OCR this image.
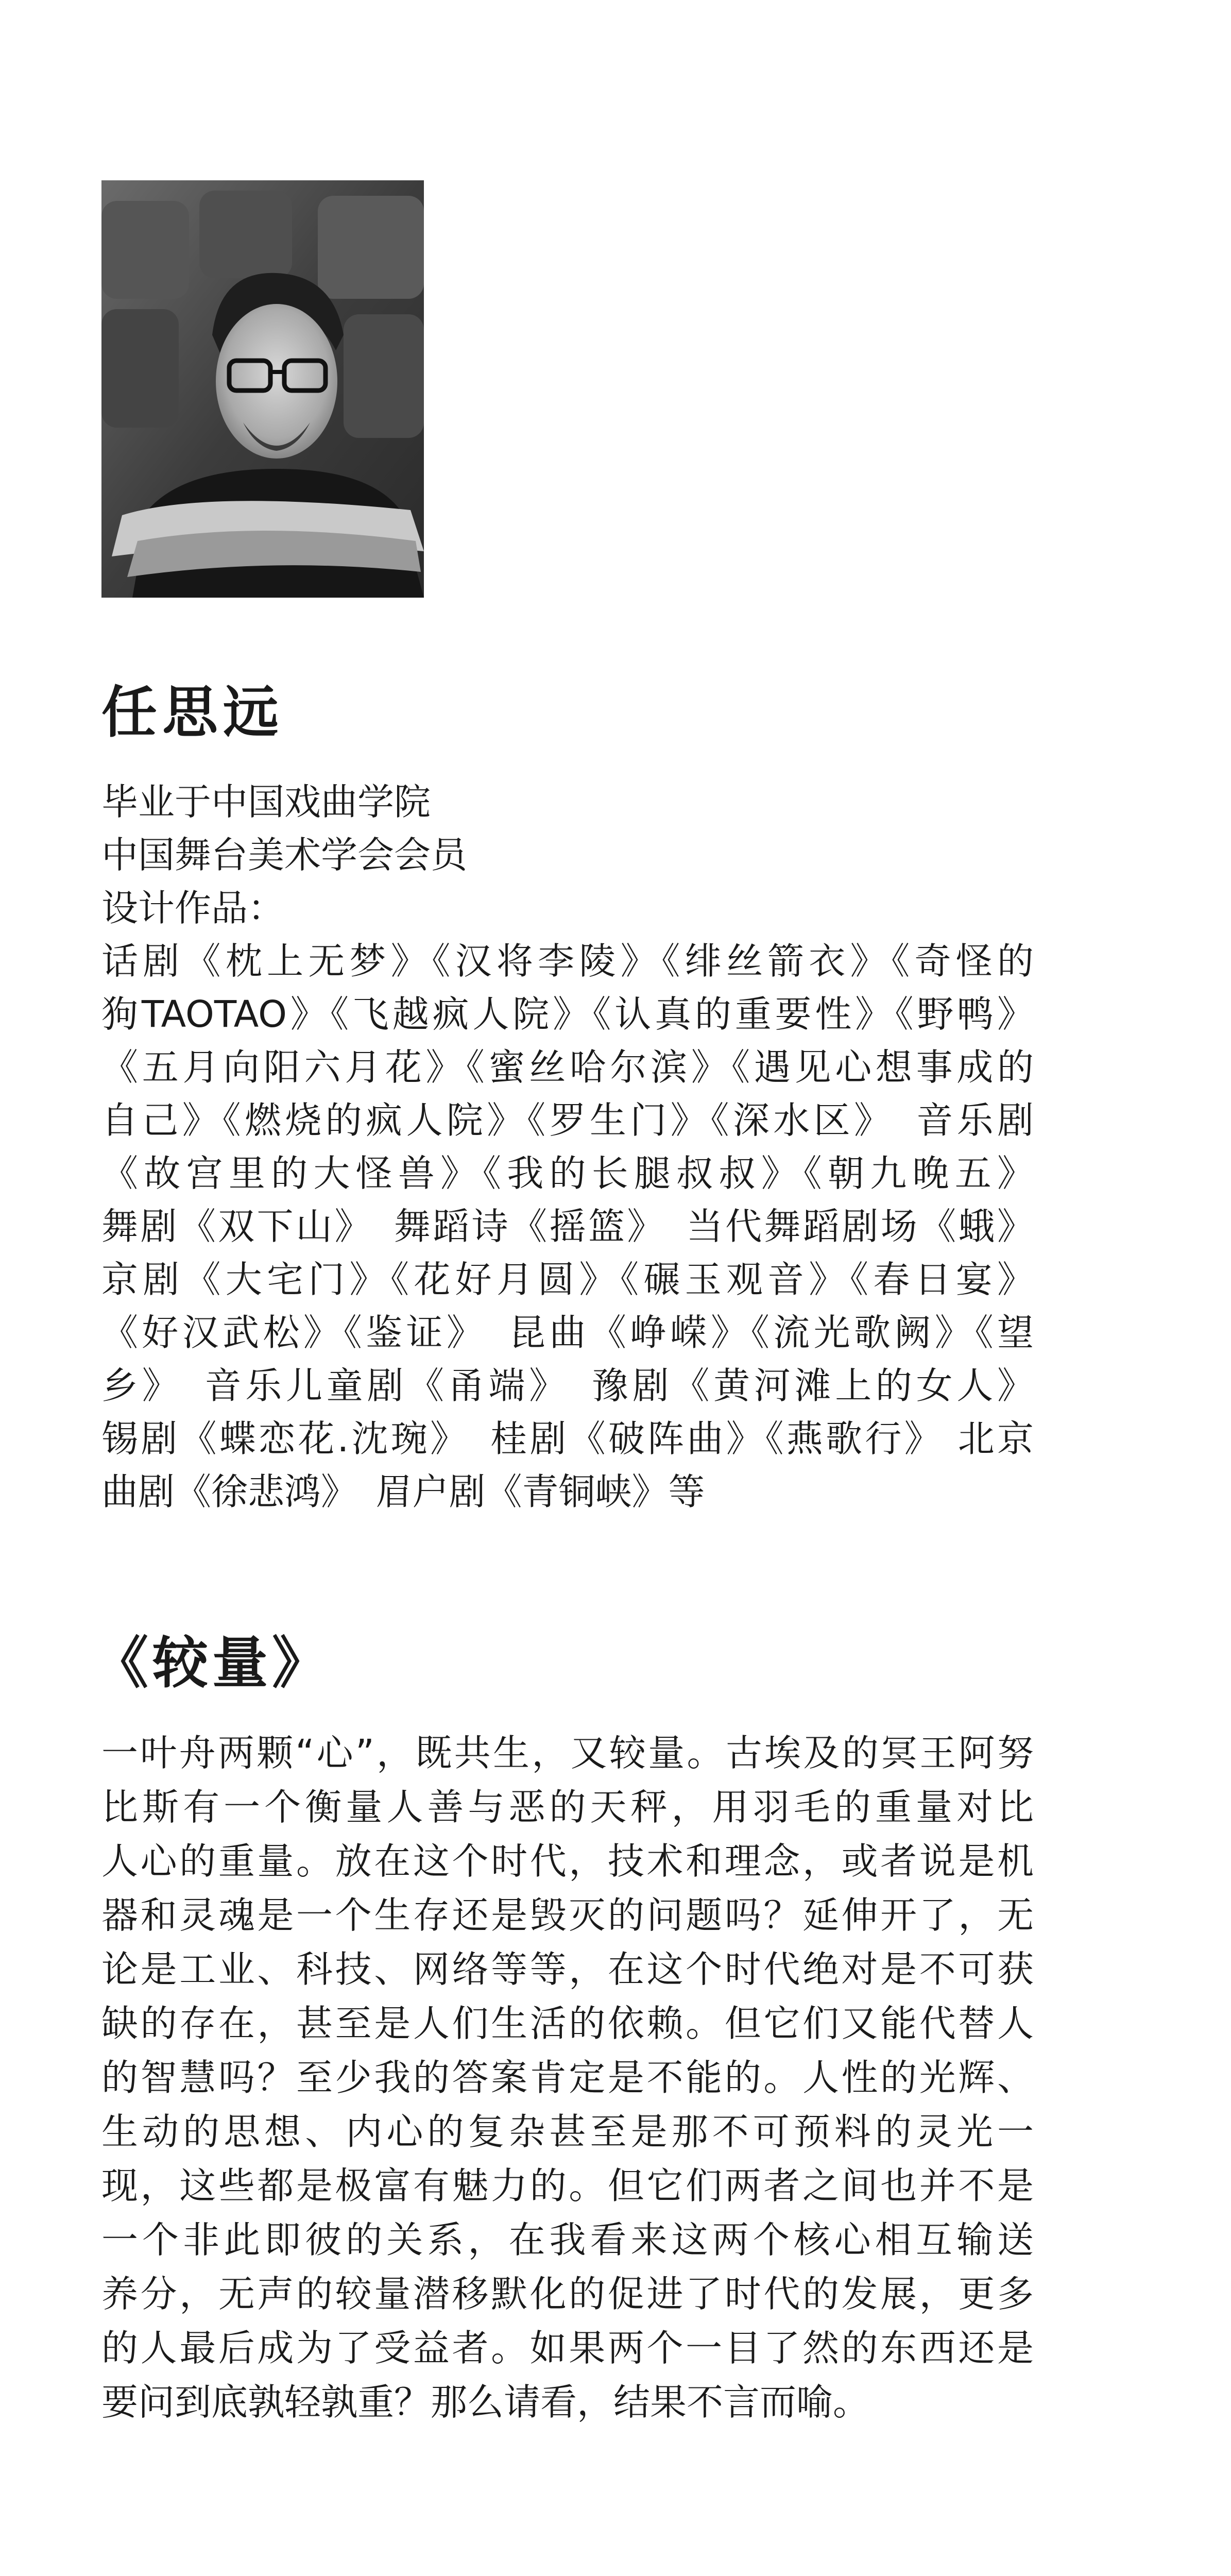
任思远
毕业于中国戏曲学院
中国舞台美术学会会员
设计作品：
话剧《枕上无梦》《汉将李陵》《绯丝箭衣》《奇怪的
狗TAOTAO》《飞越疯人院》《认真的重要性》《野鸭》
《五月向阳六月花》《蜜丝哈尔滨》《遇见心想事成的
自己》《燃烧的疯人院》《罗生门》《深水区》　音乐剧
《故宫里的大怪兽》《我的长腿叔叔》《朝九晚五》
舞剧《双下山》　舞蹈诗《摇篮》　当代舞蹈剧场《蛾》
京剧《大宅门》《花好月圆》《碾玉观音》《春日宴》
《好汉武松》《鉴证》　昆曲《峥嵘》《流光歌阙》《望
乡》　音乐儿童剧《甬端》　豫剧《黄河滩上的女人》
锡剧《蝶恋花.沈琬》　桂剧《破阵曲》《燕歌行》 北京
曲剧《徐悲鸿》　眉户剧《青铜峡》等
《较量》
一叶舟两颗“心”，既共生，又较量。古埃及的冥王阿努
比斯有一个衡量人善与恶的天秤，用羽毛的重量对比
人心的重量。放在这个时代，技术和理念，或者说是机
器和灵魂是一个生存还是毁灭的问题吗？延伸开了，无
论是工业、科技、网络等等，在这个时代绝对是不可获
缺的存在，甚至是人们生活的依赖。但它们又能代替人
的智慧吗？至少我的答案肯定是不能的。人性的光辉、
生动的思想、内心的复杂甚至是那不可预料的灵光一
现，这些都是极富有魅力的。但它们两者之间也并不是
一个非此即彼的关系，在我看来这两个核心相互输送
养分，无声的较量潜移默化的促进了时代的发展，更多
的人最后成为了受益者。如果两个一目了然的东西还是
要问到底孰轻孰重？那么请看，结果不言而喻。
